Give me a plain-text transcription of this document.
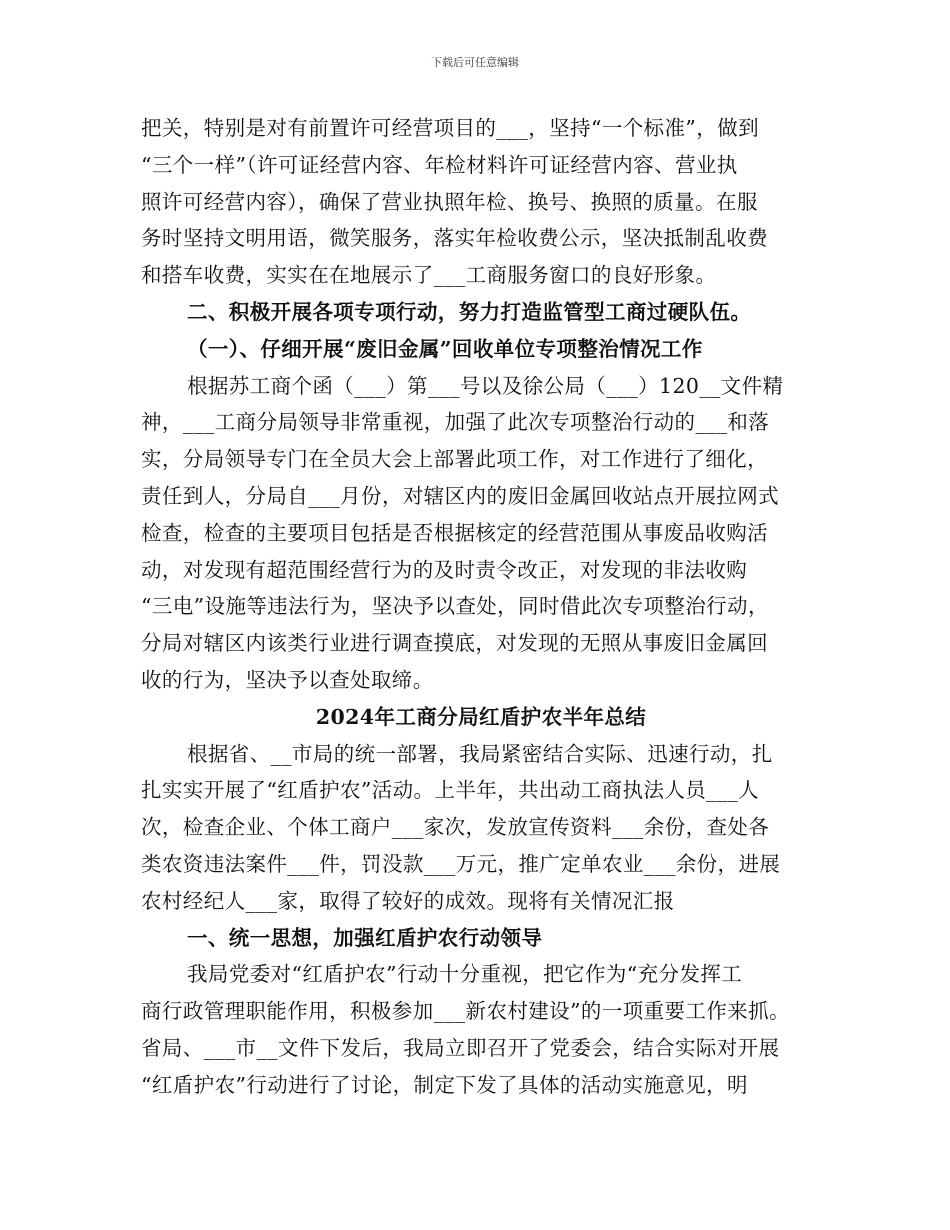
下载后可任意编辑
把关，特别是对有前置许可经营项目的___，坚持“一个标准”，做到
“三个一样”（许可证经营内容、年检材料许可证经营内容、营业执
照许可经营内容），确保了营业执照年检、换号、换照的质量。在服
务时坚持文明用语，微笑服务，落实年检收费公示，坚决抵制乱收费
和搭车收费，实实在在地展示了___工商服务窗口的良好形象。
二、积极开展各项专项行动，努力打造监管型工商过硬队伍。
（一）、仔细开展“废旧金属”回收单位专项整治情况工作
根据苏工商个函（___）第___号以及徐公局（___）120__文件精
神，___工商分局领导非常重视，加强了此次专项整治行动的___和落
实，分局领导专门在全员大会上部署此项工作，对工作进行了细化，
责任到人，分局自___月份，对辖区内的废旧金属回收站点开展拉网式
检查，检查的主要项目包括是否根据核定的经营范围从事废品收购活
动，对发现有超范围经营行为的及时责令改正，对发现的非法收购
“三电”设施等违法行为，坚决予以查处，同时借此次专项整治行动，
分局对辖区内该类行业进行调查摸底，对发现的无照从事废旧金属回
收的行为，坚决予以查处取缔。
2024年工商分局红盾护农半年总结
根据省、__市局的统一部署，我局紧密结合实际、迅速行动，扎
扎实实开展了“红盾护农”活动。上半年，共出动工商执法人员___人
次，检查企业、个体工商户___家次，发放宣传资料___余份，查处各
类农资违法案件___件，罚没款___万元，推广定单农业___余份，进展
农村经纪人___家，取得了较好的成效。现将有关情况汇报
一、统一思想，加强红盾护农行动领导
我局党委对“红盾护农”行动十分重视，把它作为“充分发挥工
商行政管理职能作用，积极参加___新农村建设”的一项重要工作来抓。
省局、___市__文件下发后，我局立即召开了党委会，结合实际对开展
“红盾护农”行动进行了讨论，制定下发了具体的活动实施意见，明
